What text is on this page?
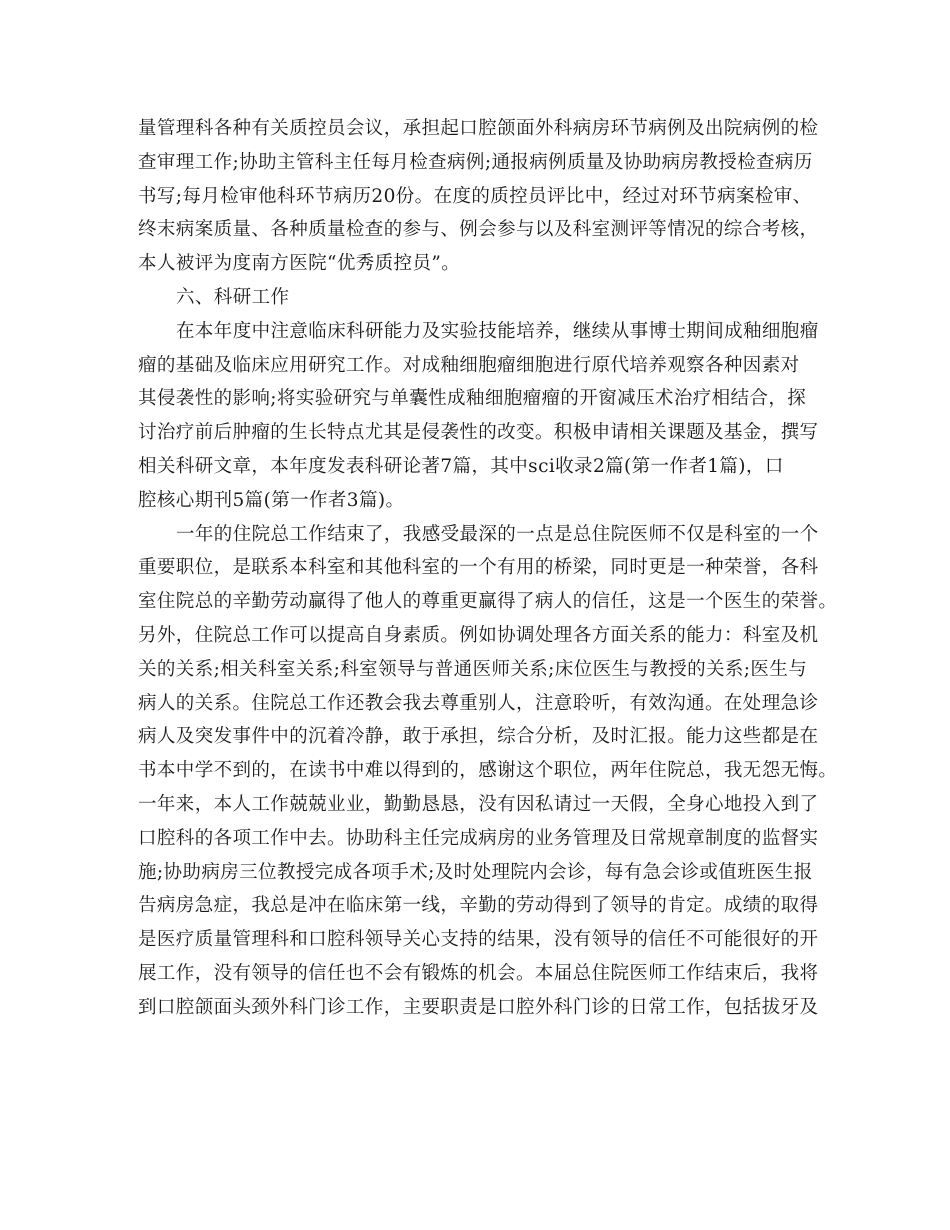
量管理科各种有关质控员会议，承担起口腔颌面外科病房环节病例及出院病例的检
查审理工作;协助主管科主任每月检查病例;通报病例质量及协助病房教授检查病历
书写;每月检审他科环节病历20份。在度的质控员评比中，经过对环节病案检审、
终末病案质量、各种质量检查的参与、例会参与以及科室测评等情况的综合考核，
本人被评为度南方医院“优秀质控员”。
六、科研工作
在本年度中注意临床科研能力及实验技能培养，继续从事博士期间成釉细胞瘤
瘤的基础及临床应用研究工作。对成釉细胞瘤细胞进行原代培养观察各种因素对
其侵袭性的影响;将实验研究与单囊性成釉细胞瘤瘤的开窗减压术治疗相结合，探
讨治疗前后肿瘤的生长特点尤其是侵袭性的改变。积极申请相关课题及基金，撰写
相关科研文章，本年度发表科研论著7篇，其中sci收录2篇(第一作者1篇)，口
腔核心期刊5篇(第一作者3篇)。
一年的住院总工作结束了，我感受最深的一点是总住院医师不仅是科室的一个
重要职位，是联系本科室和其他科室的一个有用的桥梁，同时更是一种荣誉，各科
室住院总的辛勤劳动赢得了他人的尊重更赢得了病人的信任，这是一个医生的荣誉。
另外，住院总工作可以提高自身素质。例如协调处理各方面关系的能力：科室及机
关的关系;相关科室关系;科室领导与普通医师关系;床位医生与教授的关系;医生与
病人的关系。住院总工作还教会我去尊重别人，注意聆听，有效沟通。在处理急诊
病人及突发事件中的沉着冷静，敢于承担，综合分析，及时汇报。能力这些都是在
书本中学不到的，在读书中难以得到的，感谢这个职位，两年住院总，我无怨无悔。
一年来，本人工作兢兢业业，勤勤恳恳，没有因私请过一天假，全身心地投入到了
口腔科的各项工作中去。协助科主任完成病房的业务管理及日常规章制度的监督实
施;协助病房三位教授完成各项手术;及时处理院内会诊，每有急会诊或值班医生报
告病房急症，我总是冲在临床第一线，辛勤的劳动得到了领导的肯定。成绩的取得
是医疗质量管理科和口腔科领导关心支持的结果，没有领导的信任不可能很好的开
展工作，没有领导的信任也不会有锻炼的机会。本届总住院医师工作结束后，我将
到口腔颌面头颈外科门诊工作，主要职责是口腔外科门诊的日常工作，包括拔牙及
